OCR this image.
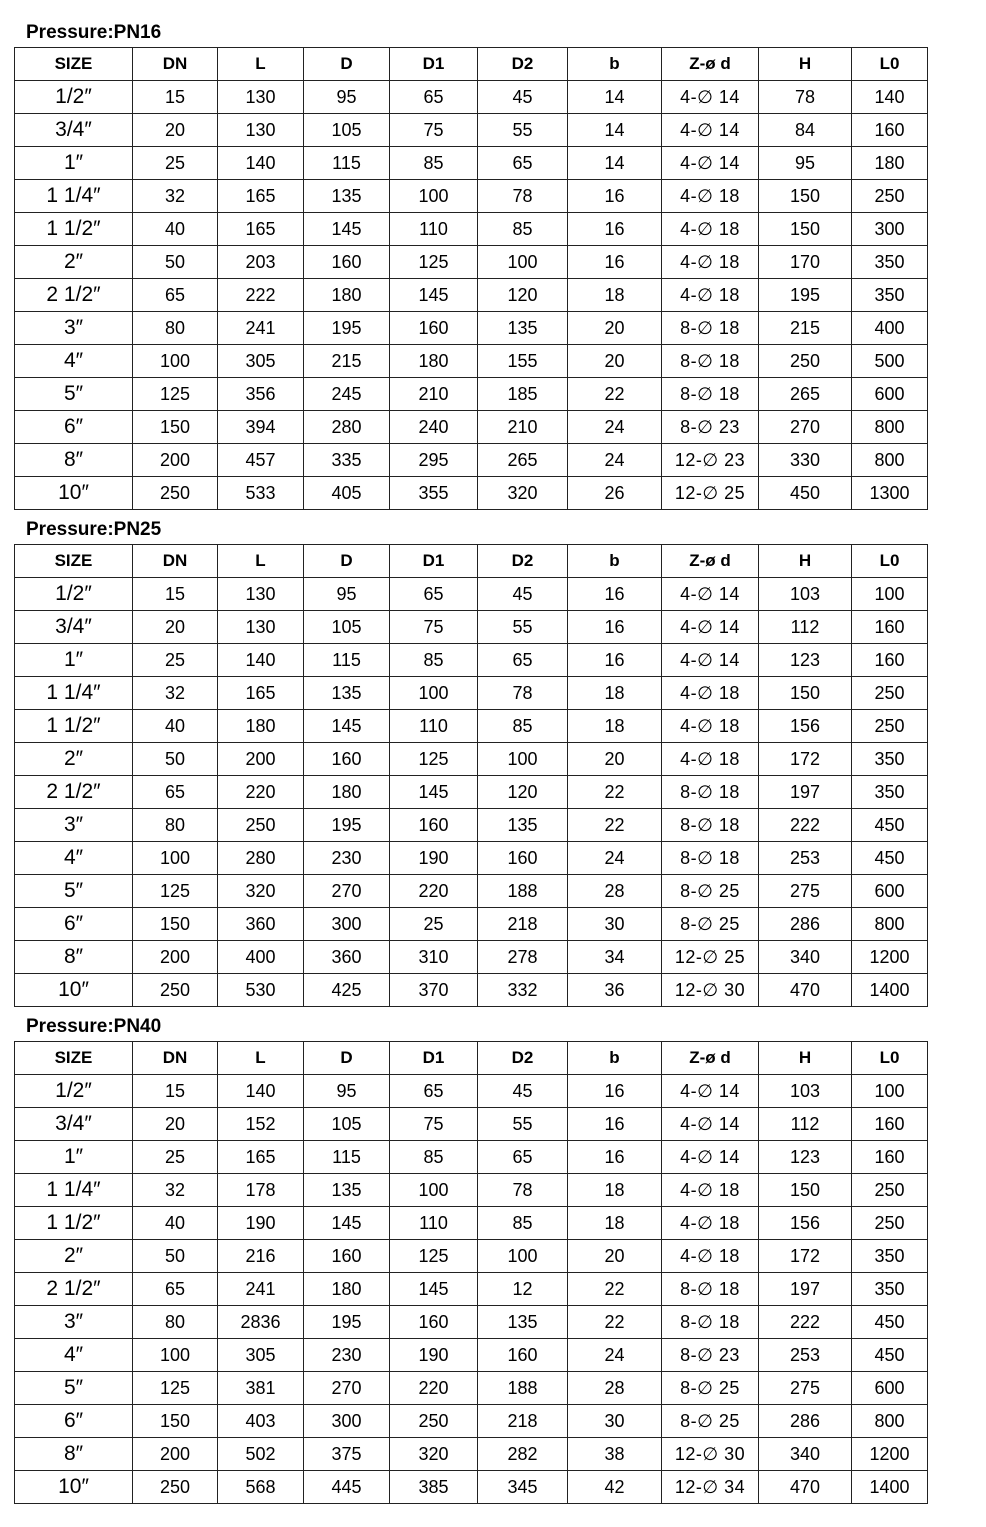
Pressure:PN16
SIZE	DN	L	D	D1	D2	b	Z-ø d	H	L0
1/2″	15	130	95	65	45	14	4-∅ 14	78	140
3/4″	20	130	105	75	55	14	4-∅ 14	84	160
1″	25	140	115	85	65	14	4-∅ 14	95	180
1 1/4″	32	165	135	100	78	16	4-∅ 18	150	250
1 1/2″	40	165	145	110	85	16	4-∅ 18	150	300
2″	50	203	160	125	100	16	4-∅ 18	170	350
2 1/2″	65	222	180	145	120	18	4-∅ 18	195	350
3″	80	241	195	160	135	20	8-∅ 18	215	400
4″	100	305	215	180	155	20	8-∅ 18	250	500
5″	125	356	245	210	185	22	8-∅ 18	265	600
6″	150	394	280	240	210	24	8-∅ 23	270	800
8″	200	457	335	295	265	24	12-∅ 23	330	800
10″	250	533	405	355	320	26	12-∅ 25	450	1300
Pressure:PN25
SIZE	DN	L	D	D1	D2	b	Z-ø d	H	L0
1/2″	15	130	95	65	45	16	4-∅ 14	103	100
3/4″	20	130	105	75	55	16	4-∅ 14	112	160
1″	25	140	115	85	65	16	4-∅ 14	123	160
1 1/4″	32	165	135	100	78	18	4-∅ 18	150	250
1 1/2″	40	180	145	110	85	18	4-∅ 18	156	250
2″	50	200	160	125	100	20	4-∅ 18	172	350
2 1/2″	65	220	180	145	120	22	8-∅ 18	197	350
3″	80	250	195	160	135	22	8-∅ 18	222	450
4″	100	280	230	190	160	24	8-∅ 18	253	450
5″	125	320	270	220	188	28	8-∅ 25	275	600
6″	150	360	300	25	218	30	8-∅ 25	286	800
8″	200	400	360	310	278	34	12-∅ 25	340	1200
10″	250	530	425	370	332	36	12-∅ 30	470	1400
Pressure:PN40
SIZE	DN	L	D	D1	D2	b	Z-ø d	H	L0
1/2″	15	140	95	65	45	16	4-∅ 14	103	100
3/4″	20	152	105	75	55	16	4-∅ 14	112	160
1″	25	165	115	85	65	16	4-∅ 14	123	160
1 1/4″	32	178	135	100	78	18	4-∅ 18	150	250
1 1/2″	40	190	145	110	85	18	4-∅ 18	156	250
2″	50	216	160	125	100	20	4-∅ 18	172	350
2 1/2″	65	241	180	145	12	22	8-∅ 18	197	350
3″	80	2836	195	160	135	22	8-∅ 18	222	450
4″	100	305	230	190	160	24	8-∅ 23	253	450
5″	125	381	270	220	188	28	8-∅ 25	275	600
6″	150	403	300	250	218	30	8-∅ 25	286	800
8″	200	502	375	320	282	38	12-∅ 30	340	1200
10″	250	568	445	385	345	42	12-∅ 34	470	1400
